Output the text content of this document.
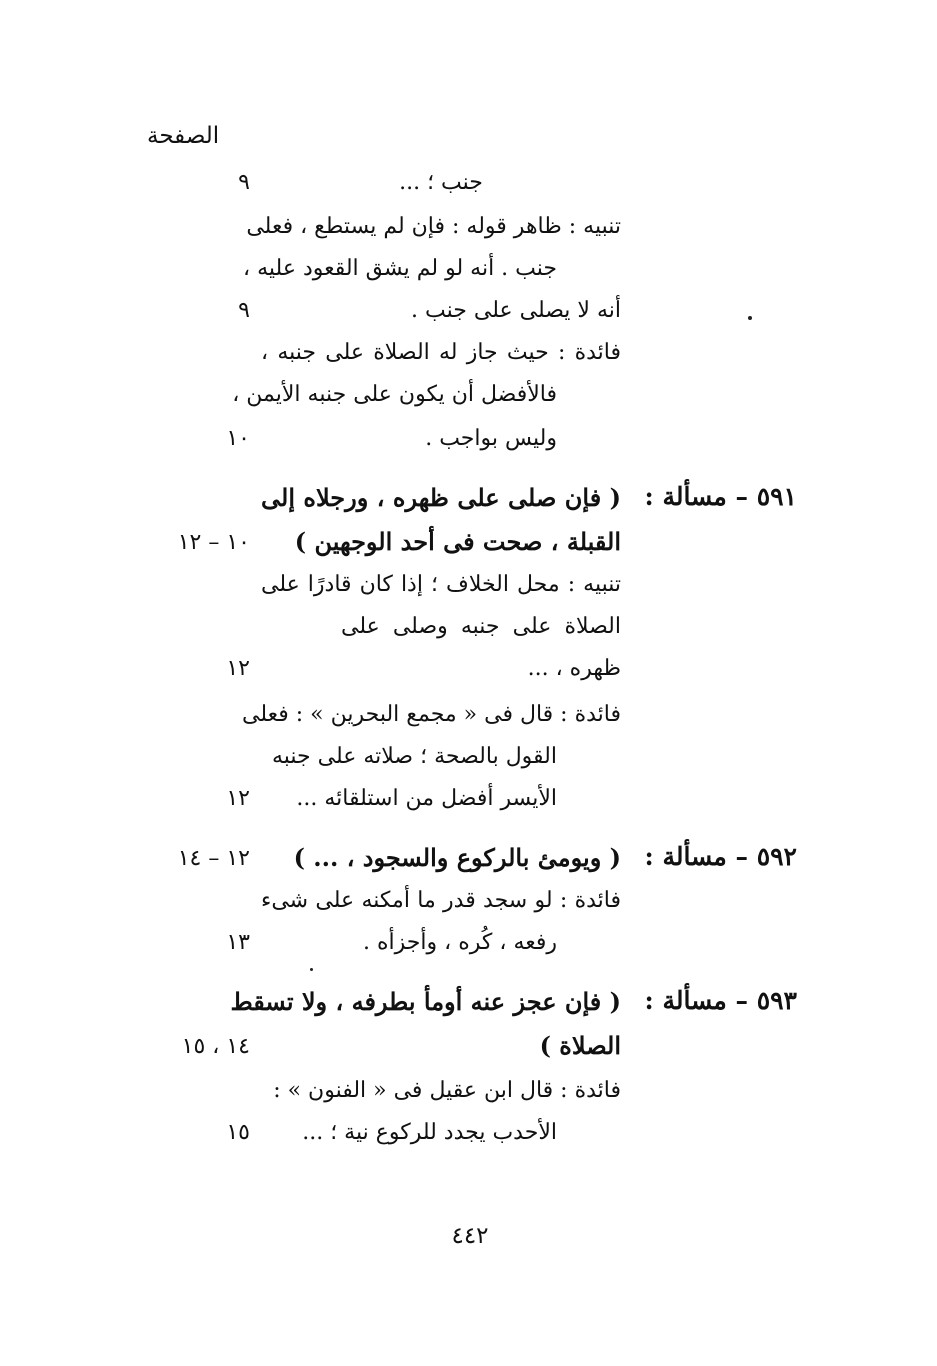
الصفحة
جنب ؛ ...
٩
تنبيه : ظاهر قوله : فإن لم يستطع ، فعلى
جنب . أنه لو لم يشق القعود عليه ،
أنه لا يصلى على جنب .
٩
فائدة : حيث جاز له الصلاة على جنبه ،
فالأفضل أن يكون على جنبه الأيمن ،
وليس بواجب .
١٠
٥٩١ – مسألة :
( فإن صلى على ظهره ، ورجلاه إلى
القبلة ، صحت فى أحد الوجهين )
١٠ – ١٢
تنبيه : محل الخلاف ؛ إذا كان قادرًا على
الصلاة على جنبه وصلى على
ظهره ، ...
١٢
فائدة : قال فى « مجمع البحرين » : فعلى
القول بالصحة ؛ صلاته على جنبه
الأيسر أفضل من استلقائه ...
١٢
٥٩٢ – مسألة :
( ويومئ بالركوع والسجود ، ... )
١٢ – ١٤
فائدة : لو سجد قدر ما أمكنه على شىء
رفعه ، كُره ، وأجزأه .
١٣
٥٩٣ – مسألة :
( فإن عجز عنه أومأ بطرفه ، ولا تسقط
الصلاة )
١٤ ، ١٥
فائدة : قال ابن عقيل فى « الفنون » :
الأحدب يجدد للركوع نية ؛ ...
١٥
٤٤٢
